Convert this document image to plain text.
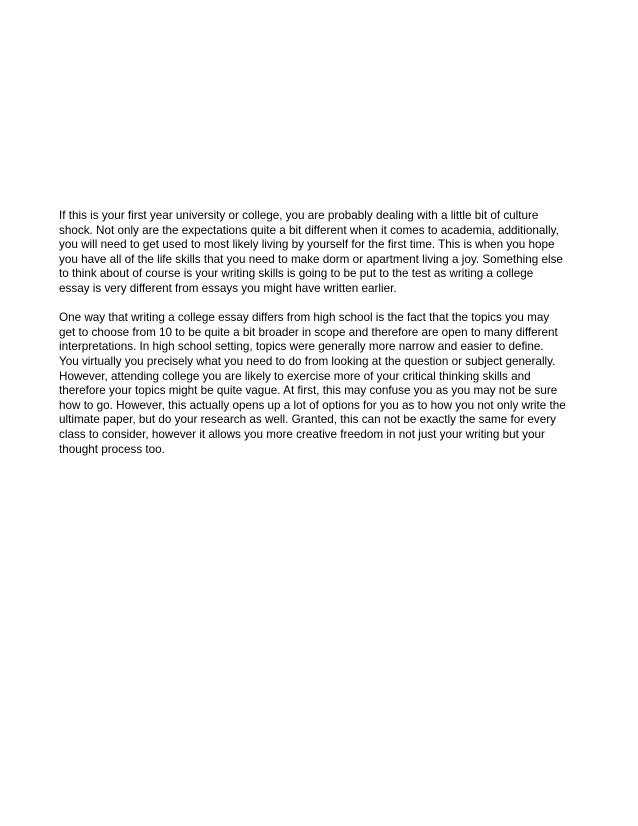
If this is your first year university or college, you are probably dealing with a little bit of culture
shock. Not only are the expectations quite a bit different when it comes to academia, additionally,
you will need to get used to most likely living by yourself for the first time. This is when you hope
you have all of the life skills that you need to make dorm or apartment living a joy. Something else
to think about of course is your writing skills is going to be put to the test as writing a college
essay is very different from essays you might have written earlier.

One way that writing a college essay differs from high school is the fact that the topics you may
get to choose from 10 to be quite a bit broader in scope and therefore are open to many different
interpretations. In high school setting, topics were generally more narrow and easier to define.
You virtually you precisely what you need to do from looking at the question or subject generally.
However, attending college you are likely to exercise more of your critical thinking skills and
therefore your topics might be quite vague. At first, this may confuse you as you may not be sure
how to go. However, this actually opens up a lot of options for you as to how you not only write the
ultimate paper, but do your research as well. Granted, this can not be exactly the same for every
class to consider, however it allows you more creative freedom in not just your writing but your
thought process too.
